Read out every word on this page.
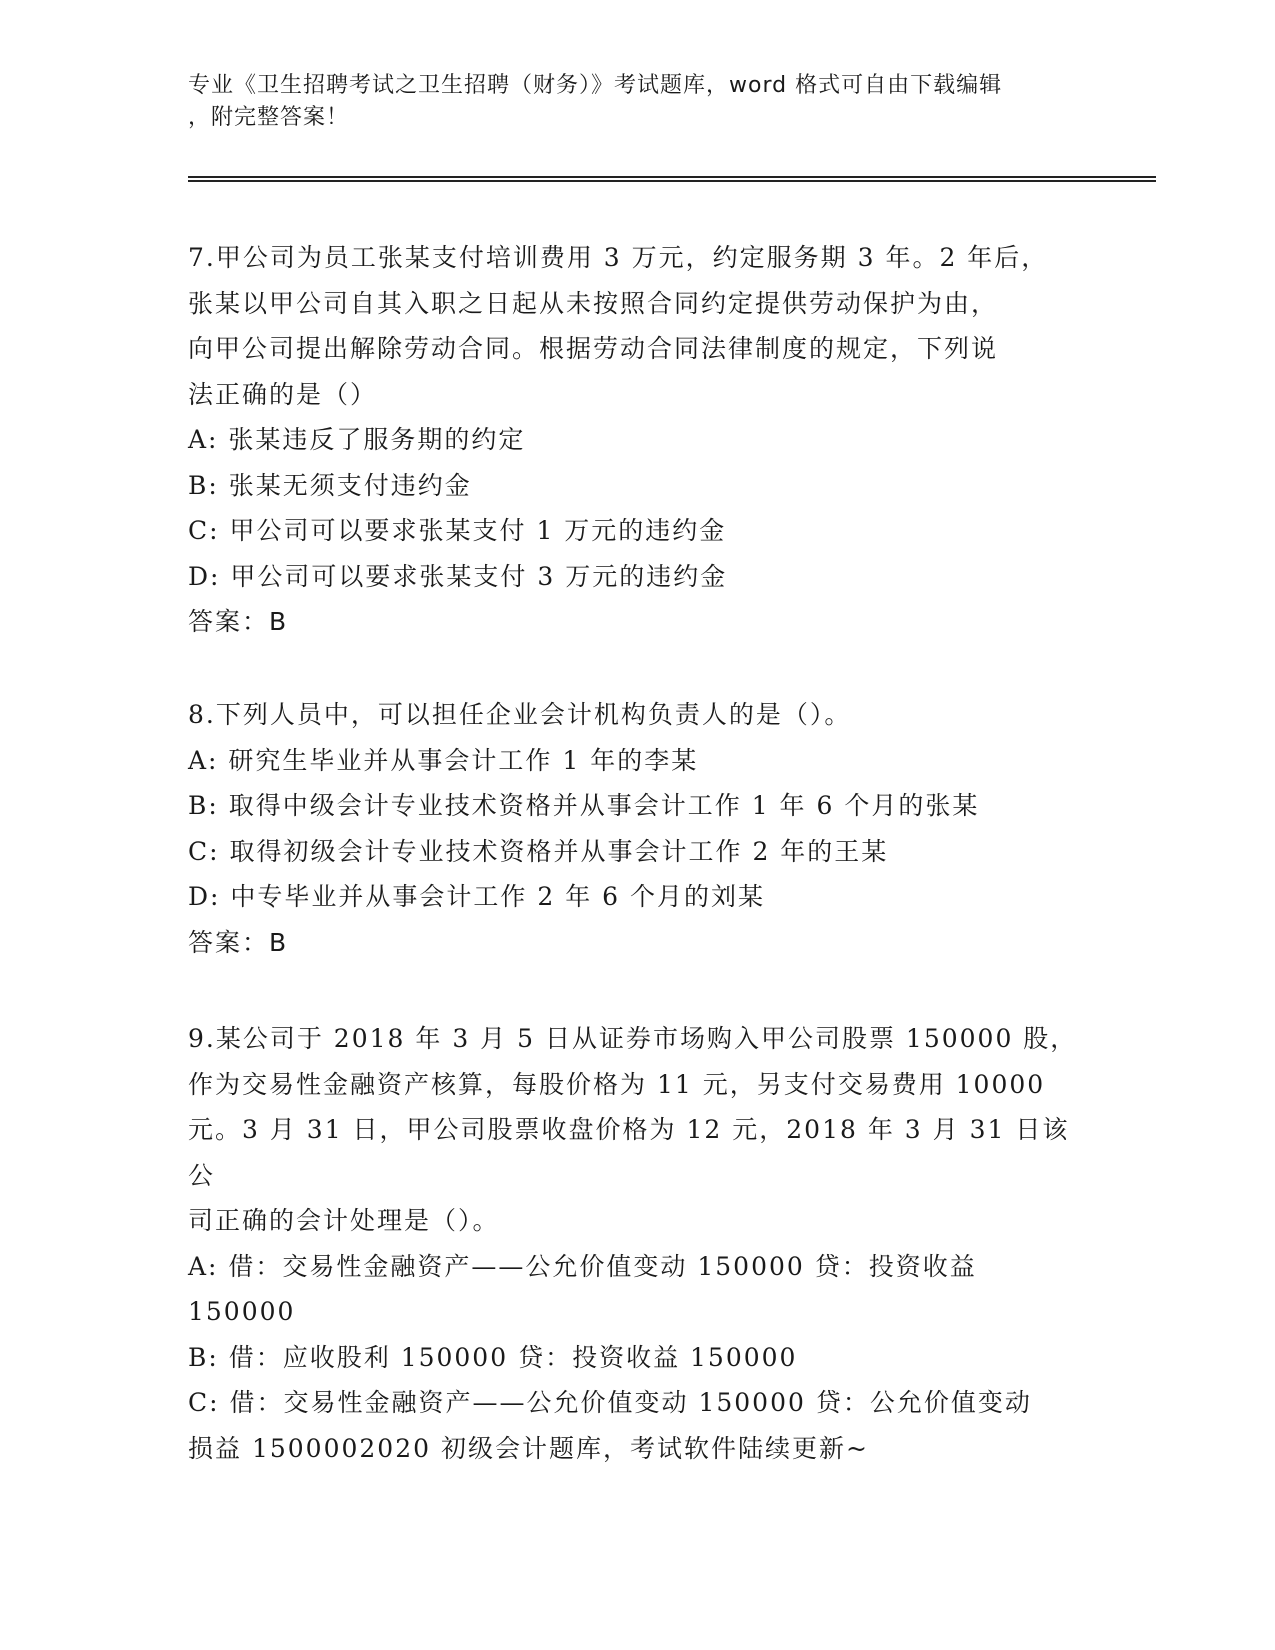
专业《卫生招聘考试之卫生招聘（财务）》考试题库，word 格式可自由下载编辑
，附完整答案！

7.甲公司为员工张某支付培训费用 3 万元，约定服务期 3 年。2 年后，

张某以甲公司自其入职之日起从未按照合同约定提供劳动保护为由，

向甲公司提出解除劳动合同。根据劳动合同法律制度的规定，下列说

法正确的是（）

A: 张某违反了服务期的约定

B: 张某无须支付违约金

C: 甲公司可以要求张某支付 1 万元的违约金

D: 甲公司可以要求张某支付 3 万元的违约金

答案：B

8.下列人员中，可以担任企业会计机构负责人的是（）。

A: 研究生毕业并从事会计工作 1 年的李某

B: 取得中级会计专业技术资格并从事会计工作 1 年 6 个月的张某

C: 取得初级会计专业技术资格并从事会计工作 2 年的王某

D: 中专毕业并从事会计工作 2 年 6 个月的刘某

答案：B

9.某公司于 2018 年 3 月 5 日从证券市场购入甲公司股票 150000 股，

作为交易性金融资产核算，每股价格为 11 元，另支付交易费用 10000

元。3 月 31 日，甲公司股票收盘价格为 12 元，2018 年 3 月 31 日该公

司正确的会计处理是（）。

A: 借：交易性金融资产——公允价值变动 150000 贷：投资收益

150000

B: 借：应收股利 150000 贷：投资收益 150000

C: 借：交易性金融资产——公允价值变动 150000 贷：公允价值变动

损益 1500002020 初级会计题库，考试软件陆续更新~
